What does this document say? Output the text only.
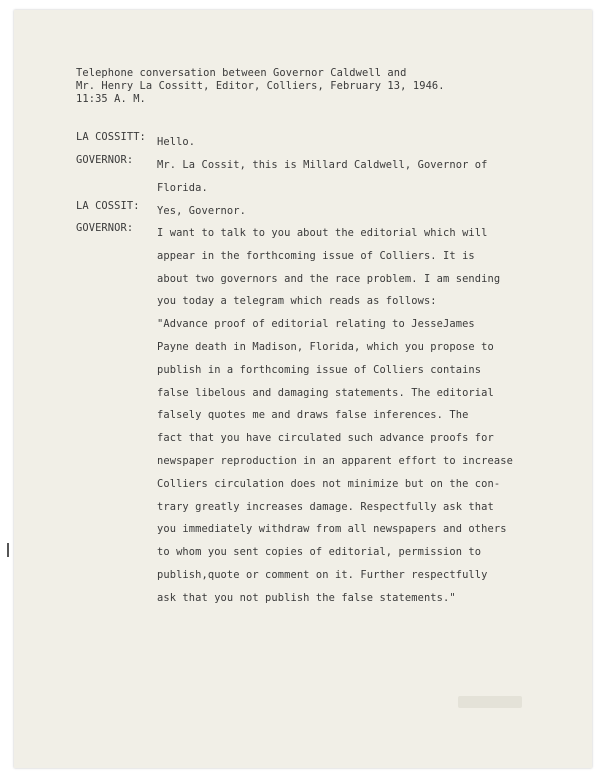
Telephone conversation between Governor Caldwell and
Mr. Henry La Cossitt, Editor, Colliers, February 13, 1946.
11:35 A. M.
LA COSSITT: Hello.
GOVERNOR: Mr. La Cossit, this is Millard Caldwell, Governor of
Florida.
LA COSSIT: Yes, Governor.
GOVERNOR: I want to talk to you about the editorial which will
appear in the forthcoming issue of Colliers. It is
about two governors and the race problem. I am sending
you today a telegram which reads as follows:
"Advance proof of editorial relating to JesseJames
Payne death in Madison, Florida, which you propose to
publish in a forthcoming issue of Colliers contains
false libelous and damaging statements. The editorial
falsely quotes me and draws false inferences. The
fact that you have circulated such advance proofs for
newspaper reproduction in an apparent effort to increase
Colliers circulation does not minimize but on the con-
trary greatly increases damage. Respectfully ask that
you immediately withdraw from all newspapers and others
to whom you sent copies of editorial, permission to
publish,quote or comment on it. Further respectfully
ask that you not publish the false statements."
